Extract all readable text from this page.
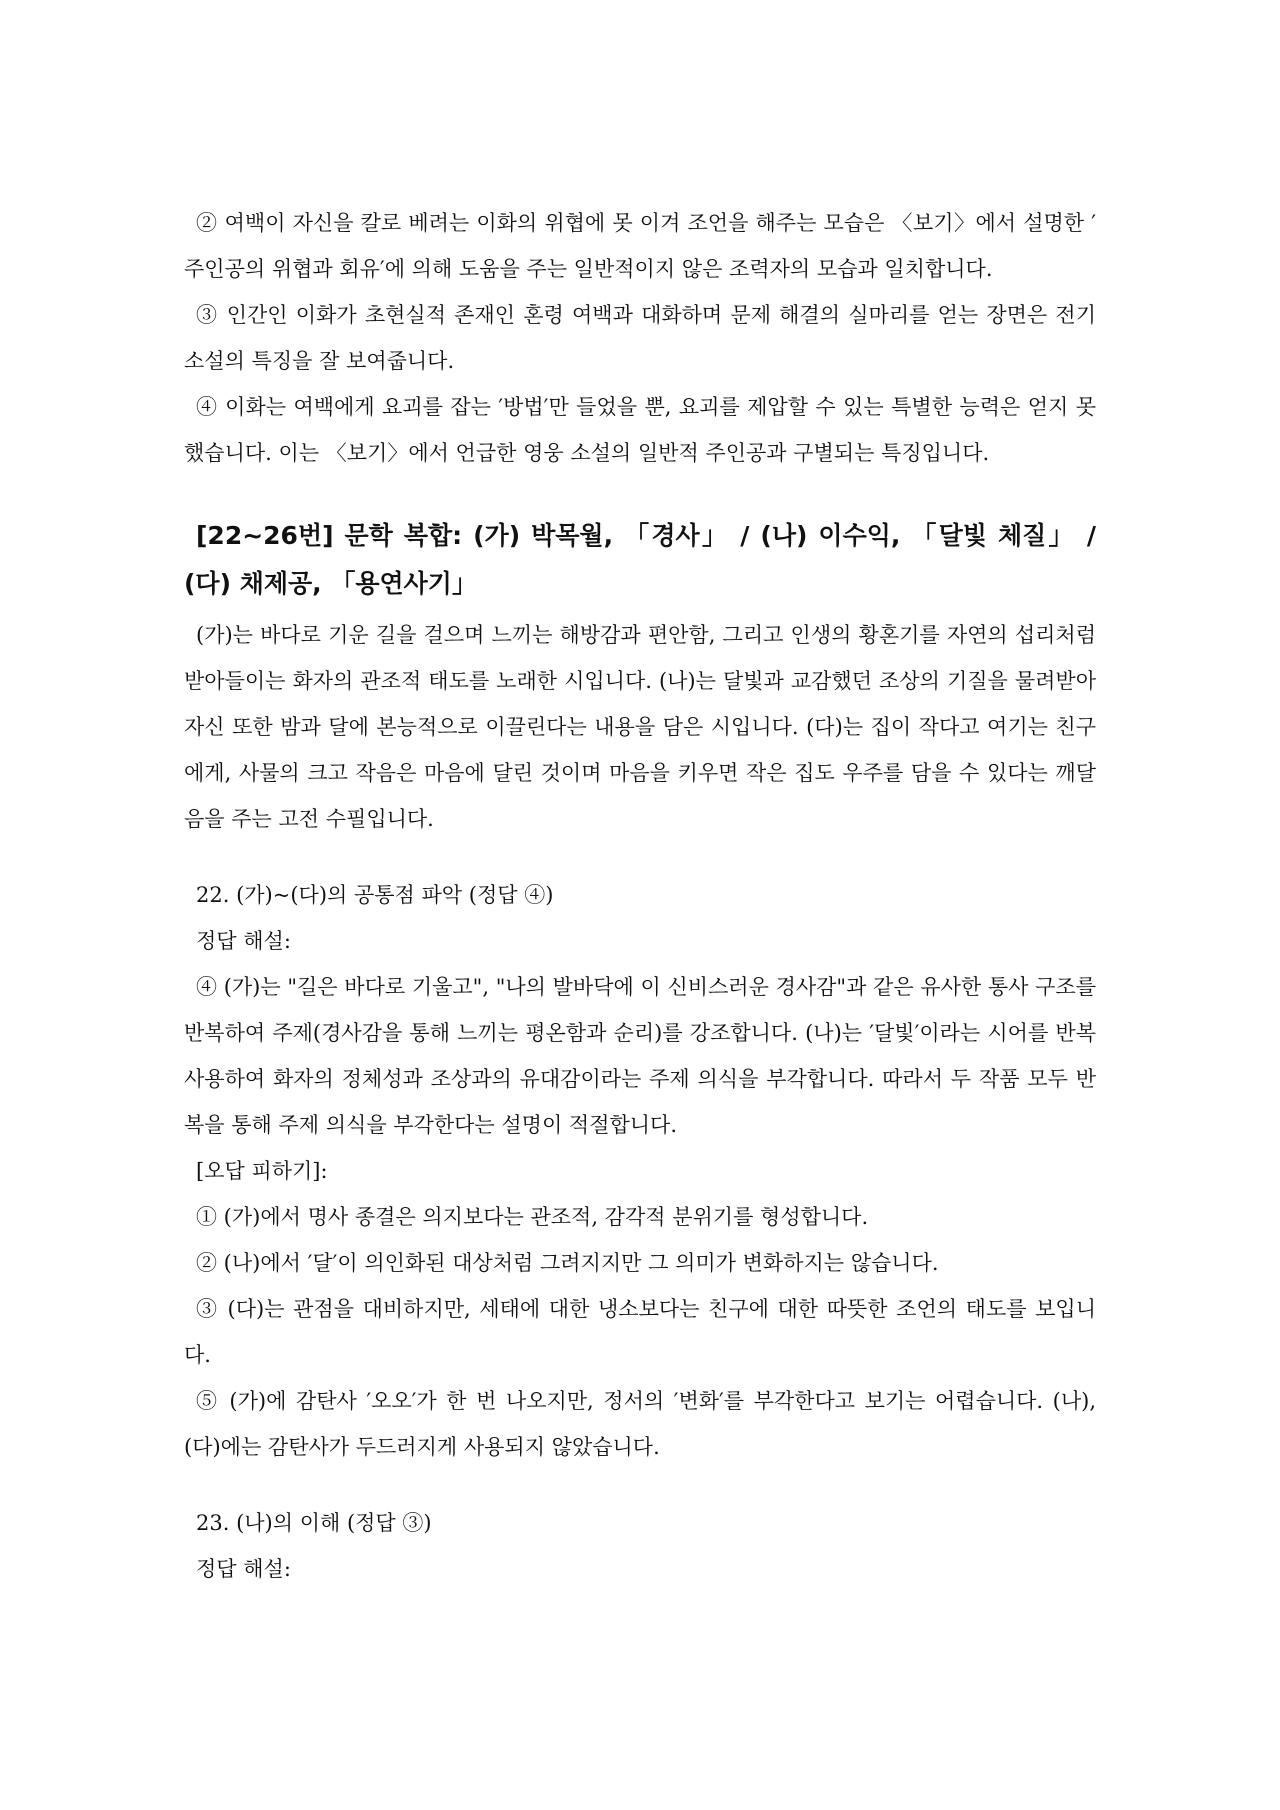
② 여백이 자신을 칼로 베려는 이화의 위협에 못 이겨 조언을 해주는 모습은 〈보기〉에서 설명한 ′주인공의 위협과 회유′에 의해 도움을 주는 일반적이지 않은 조력자의 모습과 일치합니다.

③ 인간인 이화가 초현실적 존재인 혼령 여백과 대화하며 문제 해결의 실마리를 얻는 장면은 전기 소설의 특징을 잘 보여줍니다.

④ 이화는 여백에게 요괴를 잡는 ′방법′만 들었을 뿐, 요괴를 제압할 수 있는 특별한 능력은 얻지 못했습니다. 이는 〈보기〉에서 언급한 영웅 소설의 일반적 주인공과 구별되는 특징입니다.

[22~26번] 문학 복합: (가) 박목월, 「경사」 / (나) 이수익, 「달빛 체질」 / (다) 채제공, 「용연사기」

(가)는 바다로 기운 길을 걸으며 느끼는 해방감과 편안함, 그리고 인생의 황혼기를 자연의 섭리처럼 받아들이는 화자의 관조적 태도를 노래한 시입니다. (나)는 달빛과 교감했던 조상의 기질을 물려받아 자신 또한 밤과 달에 본능적으로 이끌린다는 내용을 담은 시입니다. (다)는 집이 작다고 여기는 친구에게, 사물의 크고 작음은 마음에 달린 것이며 마음을 키우면 작은 집도 우주를 담을 수 있다는 깨달음을 주는 고전 수필입니다.

22. (가)~(다)의 공통점 파악 (정답 ④)

정답 해설:

④ (가)는 "길은 바다로 기울고", "나의 발바닥에 이 신비스러운 경사감"과 같은 유사한 통사 구조를 반복하여 주제(경사감을 통해 느끼는 평온함과 순리)를 강조합니다. (나)는 ′달빛′이라는 시어를 반복 사용하여 화자의 정체성과 조상과의 유대감이라는 주제 의식을 부각합니다. 따라서 두 작품 모두 반복을 통해 주제 의식을 부각한다는 설명이 적절합니다.

[오답 피하기]:

① (가)에서 명사 종결은 의지보다는 관조적, 감각적 분위기를 형성합니다.

② (나)에서 ′달′이 의인화된 대상처럼 그려지지만 그 의미가 변화하지는 않습니다.

③ (다)는 관점을 대비하지만, 세태에 대한 냉소보다는 친구에 대한 따뜻한 조언의 태도를 보입니다.

⑤ (가)에 감탄사 ′오오′가 한 번 나오지만, 정서의 ′변화′를 부각한다고 보기는 어렵습니다. (나), (다)에는 감탄사가 두드러지게 사용되지 않았습니다.

23. (나)의 이해 (정답 ③)

정답 해설:
